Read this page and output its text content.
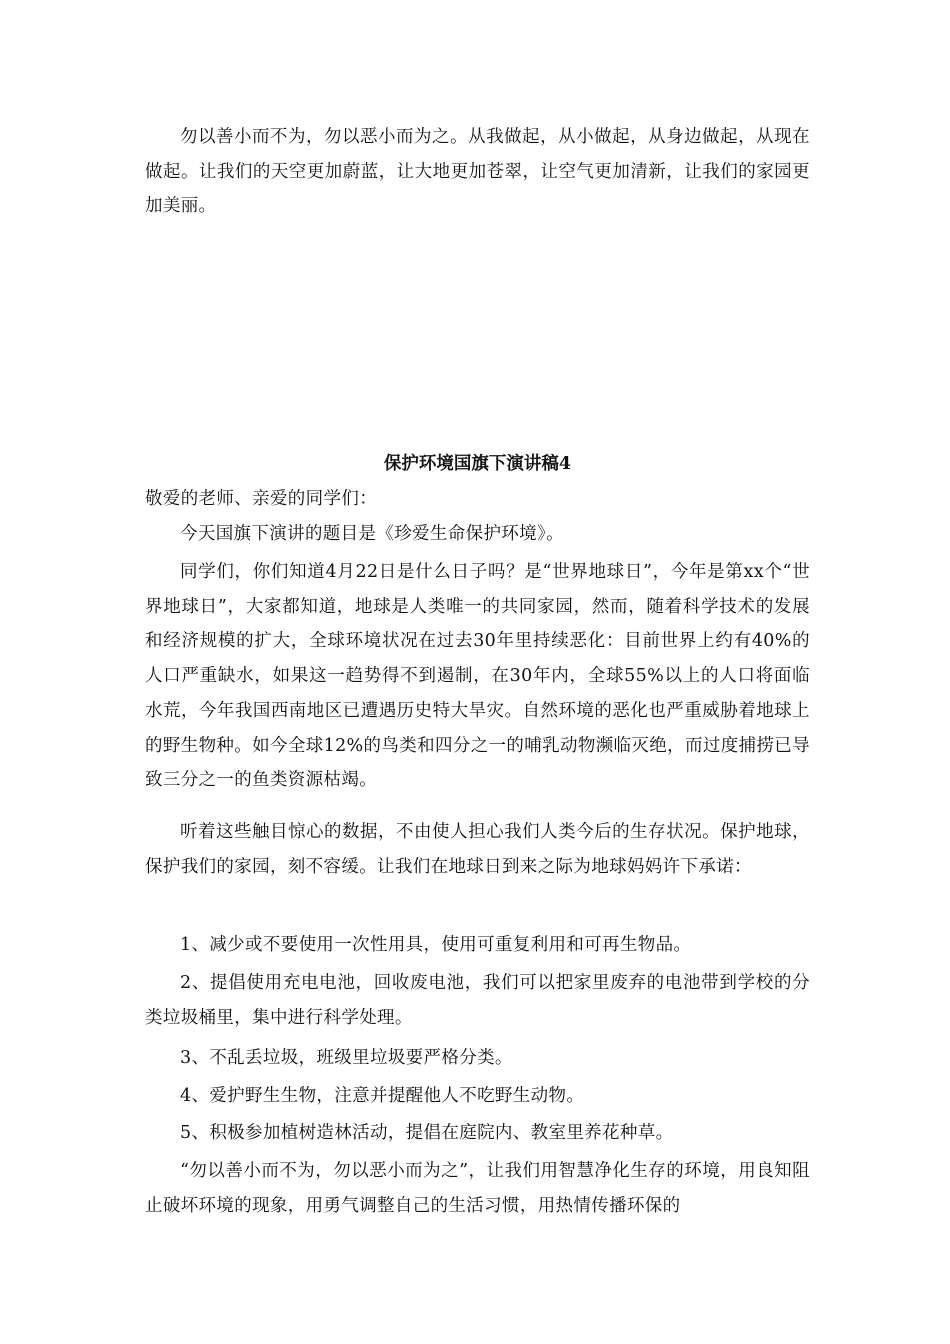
勿以善小而不为，勿以恶小而为之。从我做起，从小做起，从身边做起，从现在做起。让我们的天空更加蔚蓝，让大地更加苍翠，让空气更加清新，让我们的家园更加美丽。

保护环境国旗下演讲稿4

敬爱的老师、亲爱的同学们：

今天国旗下演讲的题目是《珍爱生命保护环境》。

同学们，你们知道4月22日是什么日子吗？是“世界地球日”，今年是第xx个“世界地球日”，大家都知道，地球是人类唯一的共同家园，然而，随着科学技术的发展和经济规模的扩大，全球环境状况在过去30年里持续恶化：目前世界上约有40%的人口严重缺水，如果这一趋势得不到遏制，在30年内，全球55%以上的人口将面临水荒，今年我国西南地区已遭遇历史特大旱灾。自然环境的恶化也严重威胁着地球上的野生物种。如今全球12%的鸟类和四分之一的哺乳动物濒临灭绝，而过度捕捞已导致三分之一的鱼类资源枯竭。

听着这些触目惊心的数据，不由使人担心我们人类今后的生存状况。保护地球，保护我们的家园，刻不容缓。让我们在地球日到来之际为地球妈妈许下承诺：

1、减少或不要使用一次性用具，使用可重复利用和可再生物品。

2、提倡使用充电电池，回收废电池，我们可以把家里废弃的电池带到学校的分类垃圾桶里，集中进行科学处理。

3、不乱丢垃圾，班级里垃圾要严格分类。

4、爱护野生生物，注意并提醒他人不吃野生动物。

5、积极参加植树造林活动，提倡在庭院内、教室里养花种草。

“勿以善小而不为，勿以恶小而为之”，让我们用智慧净化生存的环境，用良知阻止破坏环境的现象，用勇气调整自己的生活习惯，用热情传播环保的
